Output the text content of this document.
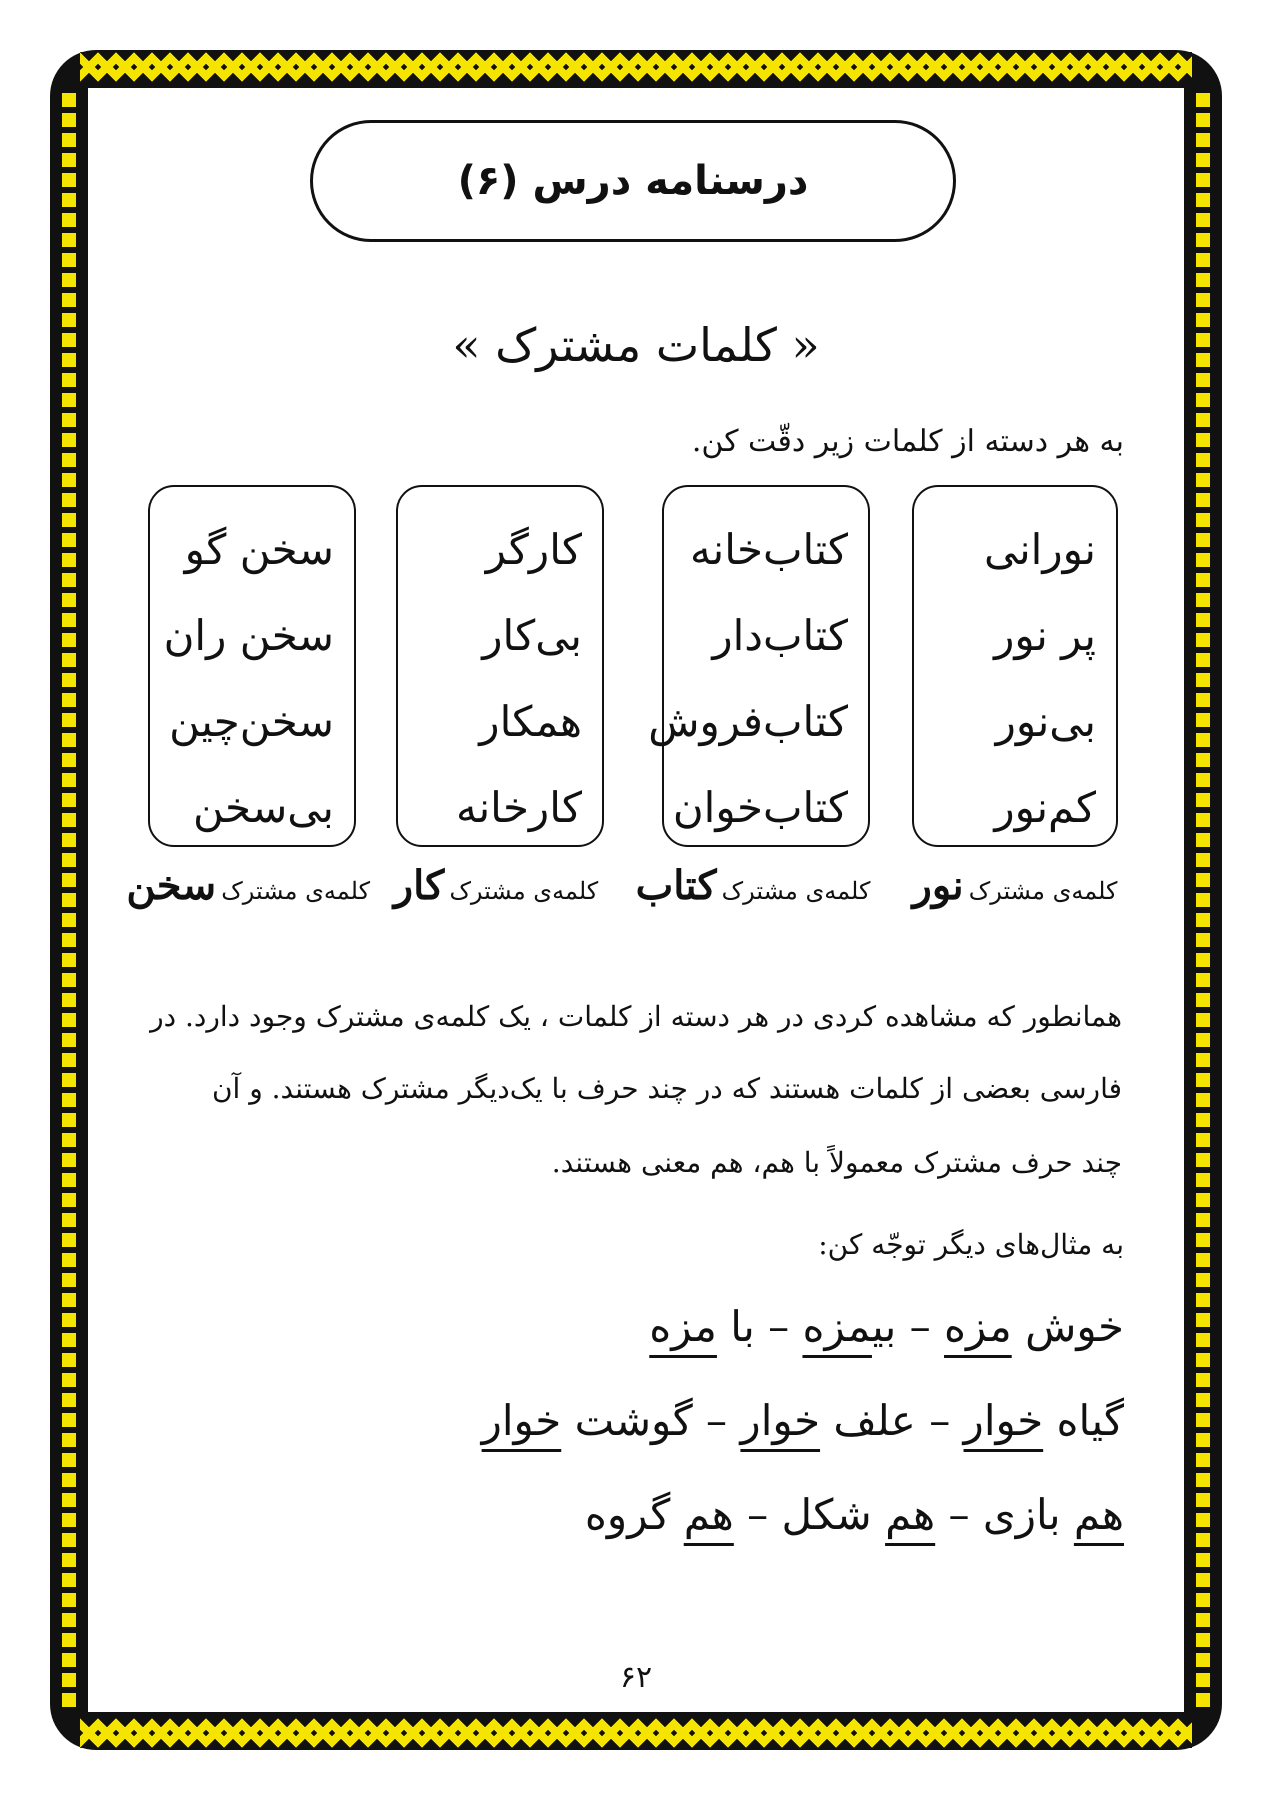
درسنامه درس (۶)
« کلمات مشترک »
به هر دسته از کلمات زیر دقّت کن.
نورانی
پر نور
بی‌نور
کم‌نور
کتاب‌خانه
کتاب‌دار
کتاب‌فروش
کتاب‌خوان
کارگر
بی‌کار
همکار
کارخانه
سخن گو
سخن ران
سخن‌چین
بی‌سخن
کلمه‌ی مشترک نور
کلمه‌ی مشترک کتاب
کلمه‌ی مشترک کار
کلمه‌ی مشترک سخن
همانطور که مشاهده کردی در هر دسته از کلمات ، یک کلمه‌ی مشترک وجود دارد. در
فارسی بعضی از کلمات هستند که در چند حرف با یک‌دیگر مشترک هستند. و آن
چند حرف مشترک معمولاً با هم، هم معنی هستند.
به مثال‌های دیگر توجّه کن:
خوش مزه – بیمزه – با مزه
گیاه خوار – علف خوار – گوشت خوار
هم بازی – هم شکل – هم گروه
۶۲
